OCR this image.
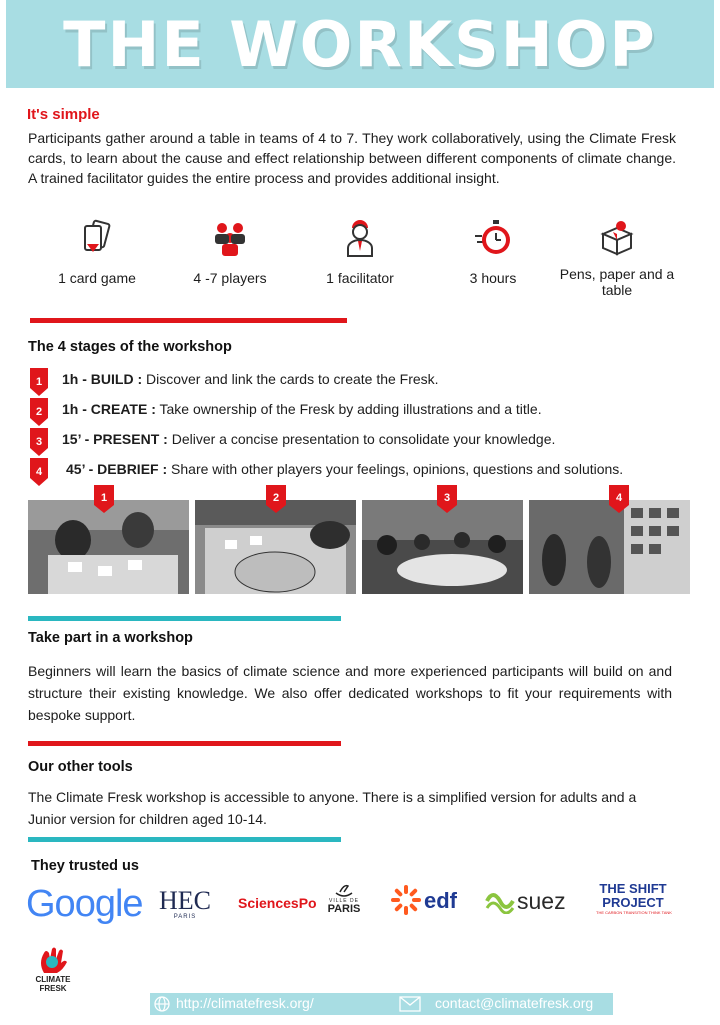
THE WORKSHOP
It's simple
Participants gather around a table in teams of 4 to 7. They work collaboratively, using the Climate Fresk cards, to learn about the cause and effect relationship between different components of climate change. A trained facilitator guides the entire process and provides additional insight.
1 card game	4 -7 players	1 facilitator	3 hours	Pens, paper and a table
The 4 stages of the workshop
1 1h - BUILD : Discover and link the cards to create the Fresk.
2 1h - CREATE : Take ownership of the Fresk by adding illustrations and a title.
3 15’ - PRESENT : Deliver a concise presentation to consolidate your knowledge.
4 45’ - DEBRIEF : Share with other players your feelings, opinions, questions and solutions.
1	2	3	4
Take part in a workshop
Beginners will learn the basics of climate science and more experienced participants will build on and structure their existing knowledge. We also offer dedicated workshops to fit your requirements with bespoke support.
Our other tools
The Climate Fresk workshop is accessible to anyone. There is a simplified version for adults and a Junior version for children aged 10-14.
They trusted us
Google HEC
PARIS
SciencesPo	VILLE DE
PARIS	edf	suez	THE SHIFT
PROJECT
THE CARBON TRANSITION THINK TANK
CLIMATE
FRESK
http://climatefresk.org/	contact@climatefresk.org
